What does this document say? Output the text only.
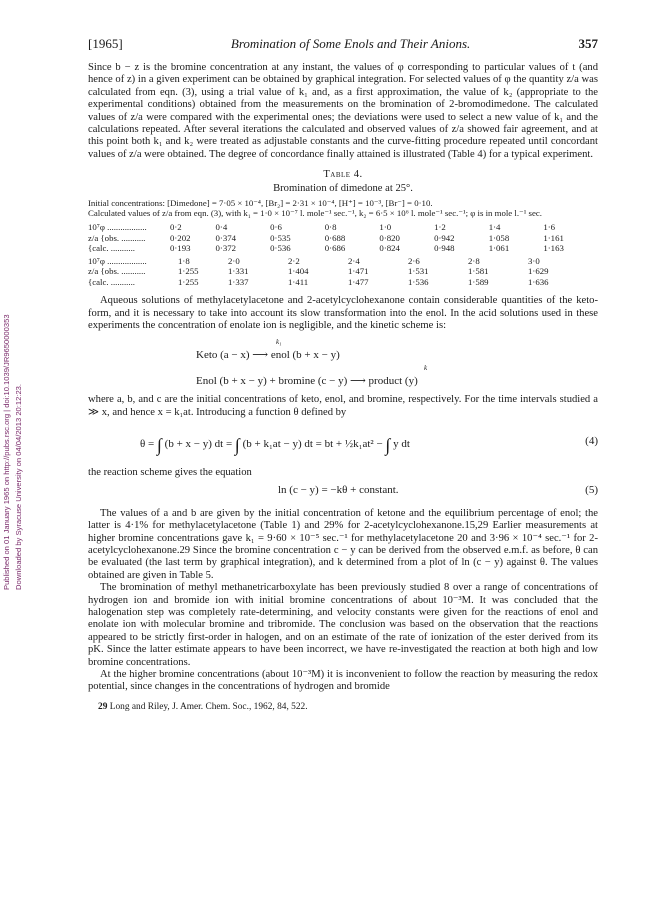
Published on 01 January 1965 on http://pubs.rsc.org | doi:10.1039/JR9650000353 Downloaded by Syracuse University on 04/04/2013 20:12:23.
[1965]	Bromination of Some Enols and Their Anions.	357

Since b − z is the bromine concentration at any instant, the values of φ corresponding to particular values of t (and hence of z) in a given experiment can be obtained by graphical integration. For selected values of φ the quantity z/a was calculated from eqn. (3), using a trial value of k₁ and, as a first approximation, the value of k₂ (appropriate to the experimental conditions) obtained from the measurements on the bromination of 2-bromodimedone. The calculated values of z/a were compared with the experimental ones; the deviations were used to select a new value of k₁ and the calculations repeated. After several iterations the calculated and observed values of z/a showed fair agreement, and at this point both k₁ and k₂ were treated as adjustable constants and the curve-fitting procedure repeated until concordant values of z/a were obtained. The degree of concordance finally attained is illustrated (Table 4) for a typical experiment.

Table 4.
Bromination of dimedone at 25°.
Initial concentrations: [Dimedone] = 7·05 × 10⁻⁴, [Br₂] = 2·31 × 10⁻⁴, [H⁺] = 10⁻³, [Br⁻] = 0·10.
Calculated values of z/a from eqn. (3), with k₁ = 1·0 × 10⁻⁷ l. mole⁻¹ sec.⁻¹, k₂ = 6·5 × 10⁶ l. mole⁻¹ sec.⁻¹; φ is in mole l.⁻¹ sec.
10⁷φ ..................	0·2	0·4	0·6	0·8	1·0	1·2	1·4	1·6
z/a {obs. ...........	0·202	0·374	0·535	0·688	0·820	0·942	1·058	1·161
{calc. ...........	0·193	0·372	0·536	0·686	0·824	0·948	1·061	1·163
10⁷φ ..................	1·8	2·0	2·2	2·4	2·6	2·8	3·0
z/a {obs. ...........	1·255	1·331	1·404	1·471	1·531	1·581	1·629
{calc. ...........	1·255	1·337	1·411	1·477	1·536	1·589	1·636

Aqueous solutions of methylacetylacetone and 2-acetylcyclohexanone contain considerable quantities of the keto-form, and it is necessary to take into account its slow transformation into the enol. In the acid solutions used in these experiments the concentration of enolate ion is negligible, and the kinetic scheme is:

k₁
Keto (a − x) ⟶ enol (b + x − y)
k
Enol (b + x − y) + bromine (c − y) ⟶ product (y)

where a, b, and c are the initial concentrations of keto, enol, and bromine, respectively. For the time intervals studied a ≫ x, and hence x = k₁at. Introducing a function θ defined by

θ = ∫ (b + x − y) dt = ∫ (b + k₁at − y) dt = bt + ½k₁at² − ∫ y dt	(4)

the reaction scheme gives the equation

ln (c − y) = −kθ + constant.	(5)

The values of a and b are given by the initial concentration of ketone and the equilibrium percentage of enol; the latter is 4·1% for methylacetylacetone (Table 1) and 29% for 2-acetylcyclohexanone.15,29 Earlier measurements at higher bromine concentrations gave k₁ = 9·60 × 10⁻⁵ sec.⁻¹ for methylacetylacetone 20 and 3·96 × 10⁻⁴ sec.⁻¹ for 2-acetylcyclohexanone.29 Since the bromine concentration c − y can be derived from the observed e.m.f. as before, θ can be evaluated (the last term by graphical integration), and k determined from a plot of ln (c − y) against θ. The values obtained are given in Table 5.

The bromination of methyl methanetricarboxylate has been previously studied 8 over a range of concentrations of hydrogen ion and bromide ion with initial bromine concentrations of about 10⁻³M. It was concluded that the halogenation step was completely rate-determining, and velocity constants were given for the reactions of enol and enolate ion with molecular bromine and tribromide. The conclusion was based on the observation that the reactions appeared to be strictly first-order in halogen, and on an estimate of the rate of ionization of the ester derived from its pK. Since the latter estimate appears to have been incorrect, we have re-investigated the reaction at both high and low bromine concentrations.

At the higher bromine concentrations (about 10⁻³M) it is inconvenient to follow the reaction by measuring the redox potential, since changes in the concentrations of hydrogen and bromide

29 Long and Riley, J. Amer. Chem. Soc., 1962, 84, 522.
